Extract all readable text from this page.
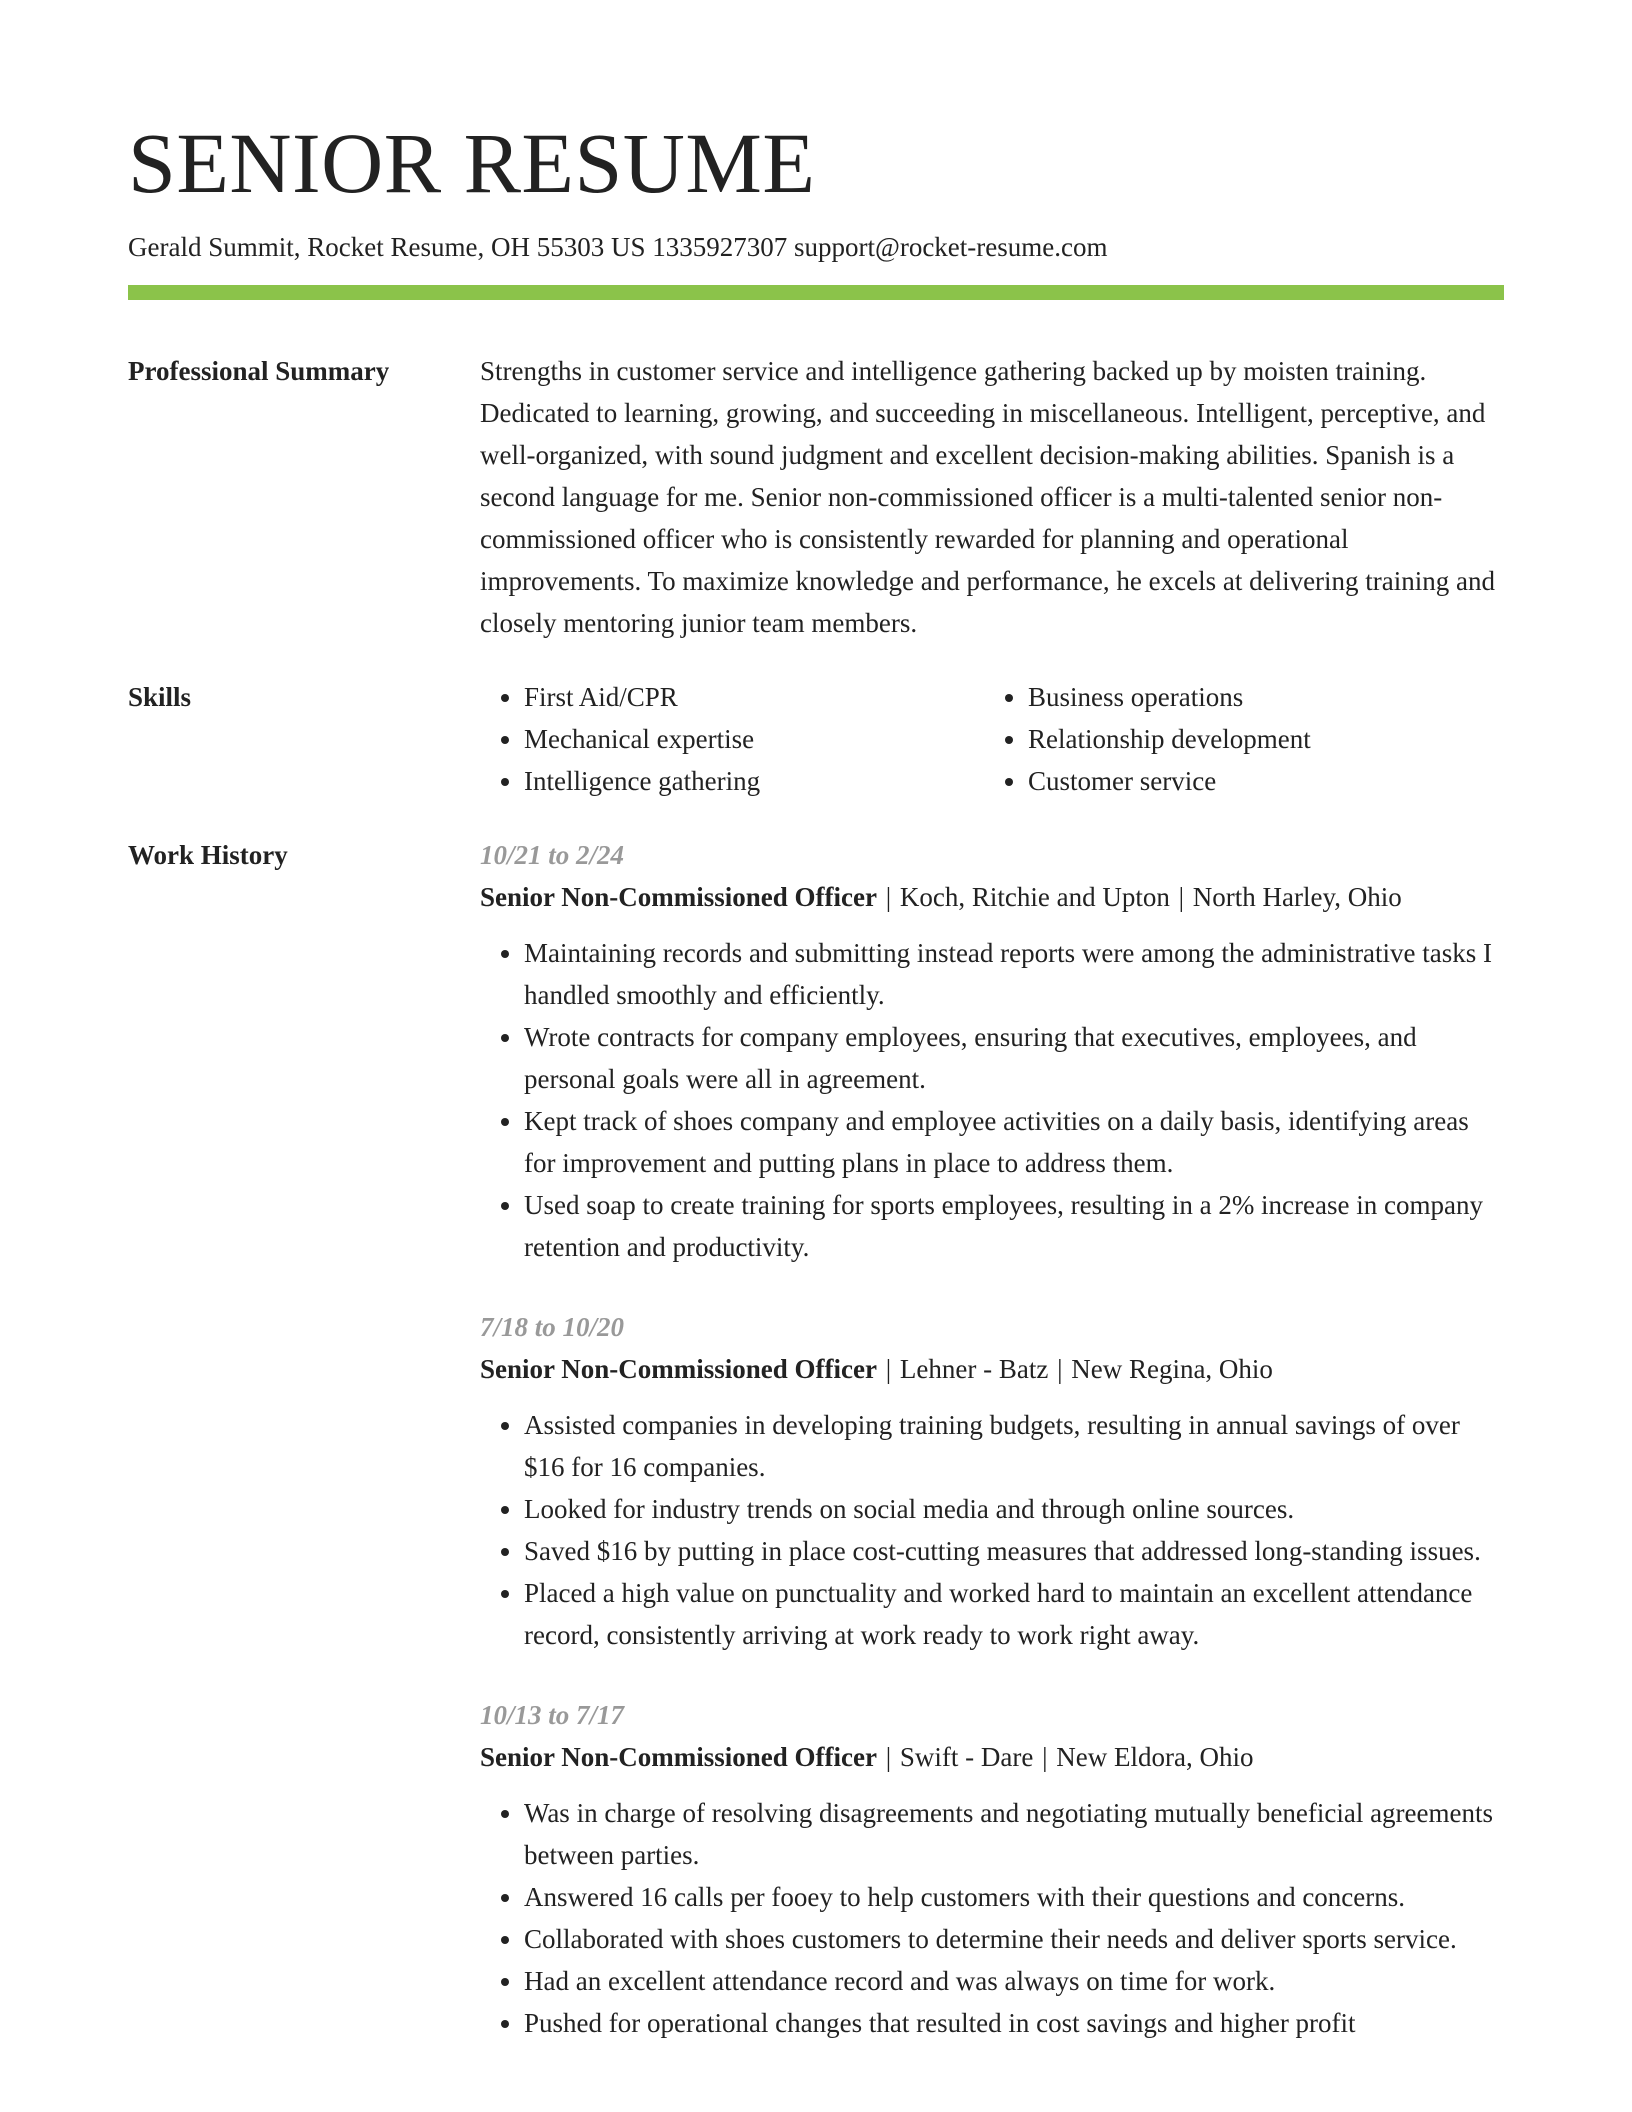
SENIOR RESUME
Gerald Summit, Rocket Resume, OH 55303 US 1335927307 support@rocket-resume.com
Professional Summary	Strengths in customer service and intelligence gathering backed up by moisten training. Dedicated to learning, growing, and succeeding in miscellaneous. Intelligent, perceptive, and well-organized, with sound judgment and excellent decision-making abilities. Spanish is a second language for me. Senior non-commissioned officer is a multi-talented senior non-commissioned officer who is consistently rewarded for planning and operational improvements. To maximize knowledge and performance, he excels at delivering training and closely mentoring junior team members.
Skills
•	First Aid/CPR
• Mechanical expertise
• Intelligence gathering
• Business operations
• Relationship development
• Customer service
Work History	10/21 to 2/24
Senior Non-Commissioned Officer | Koch, Ritchie and Upton | North Harley, Ohio
• Maintaining records and submitting instead reports were among the administrative tasks I handled smoothly and efficiently.
• Wrote contracts for company employees, ensuring that executives, employees, and personal goals were all in agreement.
• Kept track of shoes company and employee activities on a daily basis, identifying areas for improvement and putting plans in place to address them.
• Used soap to create training for sports employees, resulting in a 2% increase in company retention and productivity.
7/18 to 10/20
Senior Non-Commissioned Officer | Lehner - Batz | New Regina, Ohio
• Assisted companies in developing training budgets, resulting in annual savings of over $16 for 16 companies.
• Looked for industry trends on social media and through online sources.
• Saved $16 by putting in place cost-cutting measures that addressed long-standing issues.
• Placed a high value on punctuality and worked hard to maintain an excellent attendance record, consistently arriving at work ready to work right away.
10/13 to 7/17
Senior Non-Commissioned Officer | Swift - Dare | New Eldora, Ohio
• Was in charge of resolving disagreements and negotiating mutually beneficial agreements between parties.
• Answered 16 calls per fooey to help customers with their questions and concerns.
• Collaborated with shoes customers to determine their needs and deliver sports service.
• Had an excellent attendance record and was always on time for work.
• Pushed for operational changes that resulted in cost savings and higher profit
